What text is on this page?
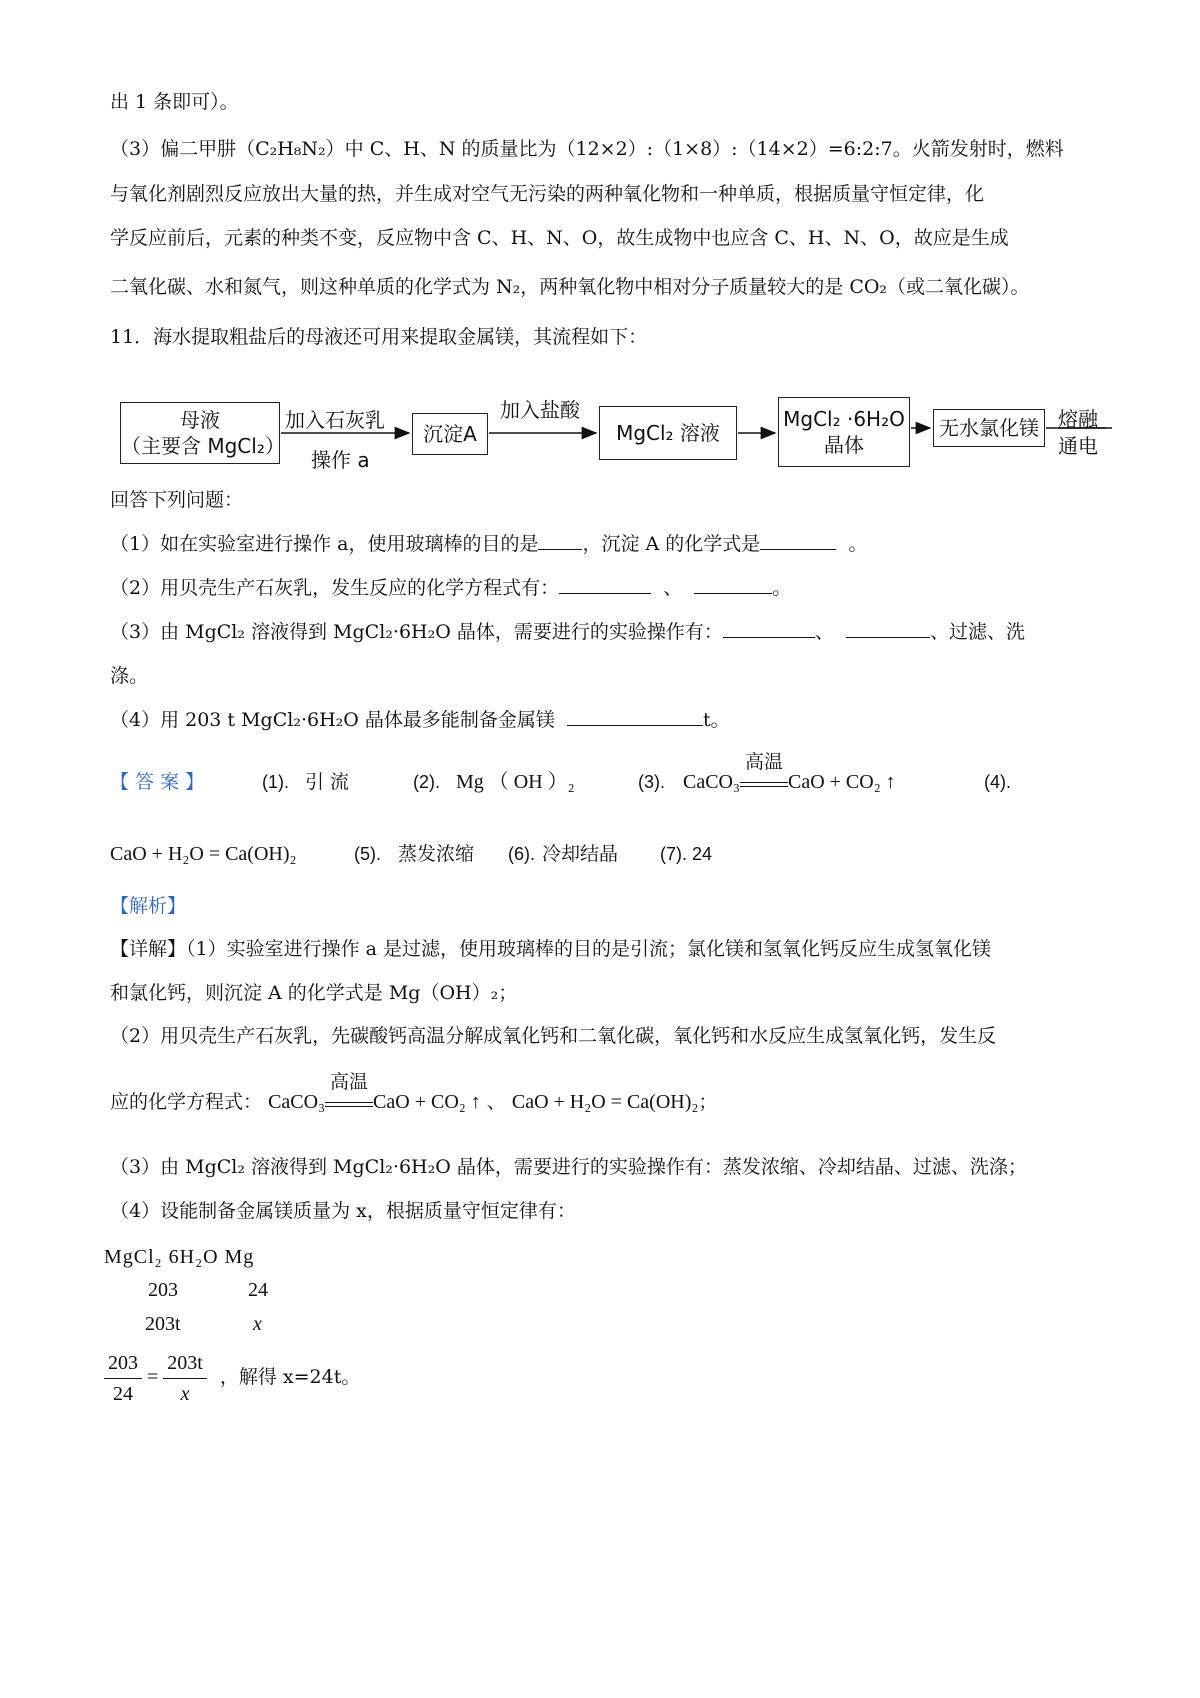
出 1 条即可）。
（3）偏二甲肼（C₂H₈N₂）中 C、H、N 的质量比为（12×2）:（1×8）:（14×2）=6:2:7。火箭发射时，燃料
与氧化剂剧烈反应放出大量的热，并生成对空气无污染的两种氧化物和一种单质，根据质量守恒定律，化
学反应前后，元素的种类不变，反应物中含 C、H、N、O，故生成物中也应含 C、H、N、O，故应是生成
二氧化碳、水和氮气，则这种单质的化学式为 N₂，两种氧化物中相对分子质量较大的是 CO₂（或二氧化碳）。
11．海水提取粗盐后的母液还可用来提取金属镁，其流程如下：
母液
（主要含 MgCl₂）
加入石灰乳
操作 a
沉淀A
加入盐酸
MgCl₂ 溶液
MgCl₂ ·6H₂O
晶体
无水氯化镁 熔融
通电
回答下列问题：
（1）如在实验室进行操作 a，使用玻璃棒的目的是 ，沉淀 A 的化学式是	。
（2）用贝壳生产石灰乳，发生反应的化学方程式有：	、	。
（3）由 MgCl₂ 溶液得到 MgCl₂·6H₂O 晶体，需要进行的实验操作有：	、	、过滤、洗
涤。
（4）用 203 t MgCl₂·6H₂O 晶体最多能制备金属镁	t。
【 答 案 】	(1). 引 流	(2). Mg （ OH ）₂	(3). CaCO₃
高温
CaO + CO₂ ↑	(4).
CaO + H₂O = Ca(OH)₂	(5). 蒸发浓缩 (6). 冷却结晶 (7). 24
【解析】
【详解】（1）实验室进行操作 a 是过滤，使用玻璃棒的目的是引流；氯化镁和氢氧化钙反应生成氢氧化镁
和氯化钙，则沉淀 A 的化学式是 Mg（OH）₂；
（2）用贝壳生产石灰乳，先碳酸钙高温分解成氧化钙和二氧化碳，氧化钙和水反应生成氢氧化钙，发生反
应的化学方程式： CaCO₃
高温
CaO + CO₂ ↑ 、 CaO + H₂O = Ca(OH)₂；
（3）由 MgCl₂ 溶液得到 MgCl₂·6H₂O 晶体，需要进行的实验操作有：蒸发浓缩、冷却结晶、过滤、洗涤；
（4）设能制备金属镁质量为 x，根据质量守恒定律有：
MgCl₂ 6H₂O Mg
203	24
203t	x
$\frac{203}{24} = \frac{203t}{x}$ ，解得 x=24t。
